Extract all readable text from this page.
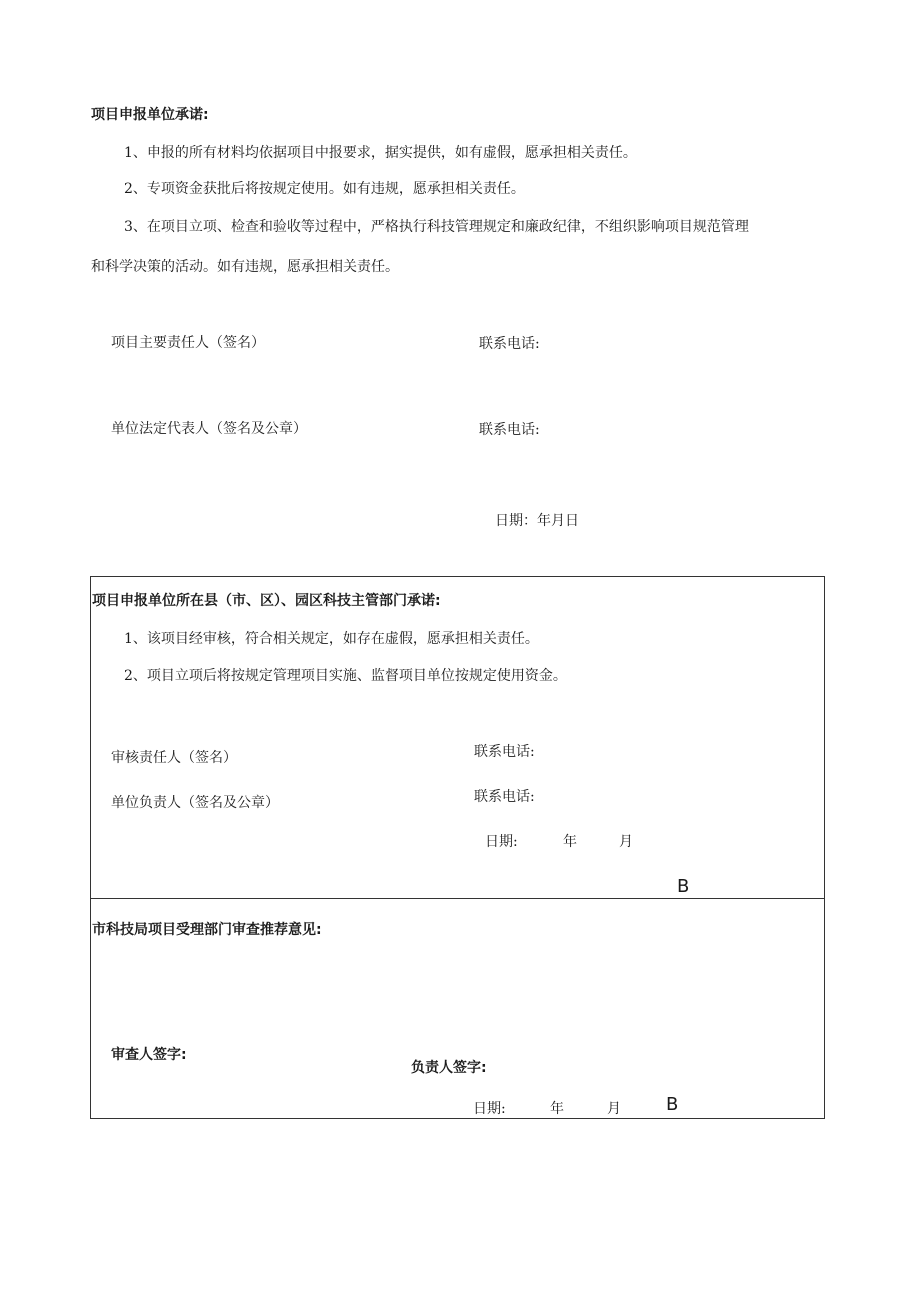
项目申报单位承诺:
1、申报的所有材料均依据项目中报要求，据实提供，如有虚假，愿承担相关责任。
2、专项资金获批后将按规定使用。如有违规，愿承担相关责任。
3、在项目立项、检查和验收等过程中，严格执行科技管理规定和廉政纪律，不组织影响项目规范管理
和科学决策的活动。如有违规，愿承担相关责任。
项目主要责任人（签名）	联系电话:
单位法定代表人（签名及公章）	联系电话:
日期：年月日
项目申报单位所在县（市、区）、园区科技主管部门承诺:
1、该项目经审核，符合相关规定，如存在虚假，愿承担相关责任。
2、项目立项后将按规定管理项目实施、监督项目单位按规定使用资金。
审核责任人（签名）	联系电话:
单位负责人（签名及公章）	联系电话:
日期:	年	月
B
市科技局项目受理部门审查推荐意见:
审查人签字:
负责人签字:
日期:	年	月	B
